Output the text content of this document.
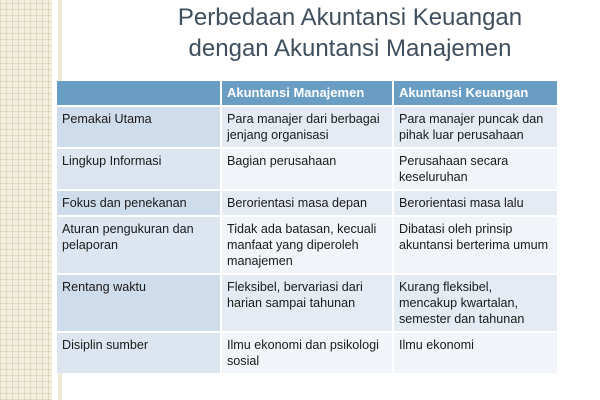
Perbedaan Akuntansi Keuangan
dengan Akuntansi Manajemen
	Akuntansi Manajemen	Akuntansi Keuangan
Pemakai Utama	Para manajer dari berbagai jenjang organisasi	Para manajer puncak dan pihak luar perusahaan
Lingkup Informasi	Bagian perusahaan	Perusahaan secara keseluruhan
Fokus dan penekanan	Berorientasi masa depan	Berorientasi masa lalu
Aturan pengukuran dan pelaporan	Tidak ada batasan, kecuali manfaat yang diperoleh manajemen	Dibatasi oleh prinsip akuntansi berterima umum
Rentang waktu	Fleksibel, bervariasi dari harian sampai tahunan	Kurang fleksibel, mencakup kwartalan, semester dan tahunan
Disiplin sumber	Ilmu ekonomi dan psikologi sosial	Ilmu ekonomi
